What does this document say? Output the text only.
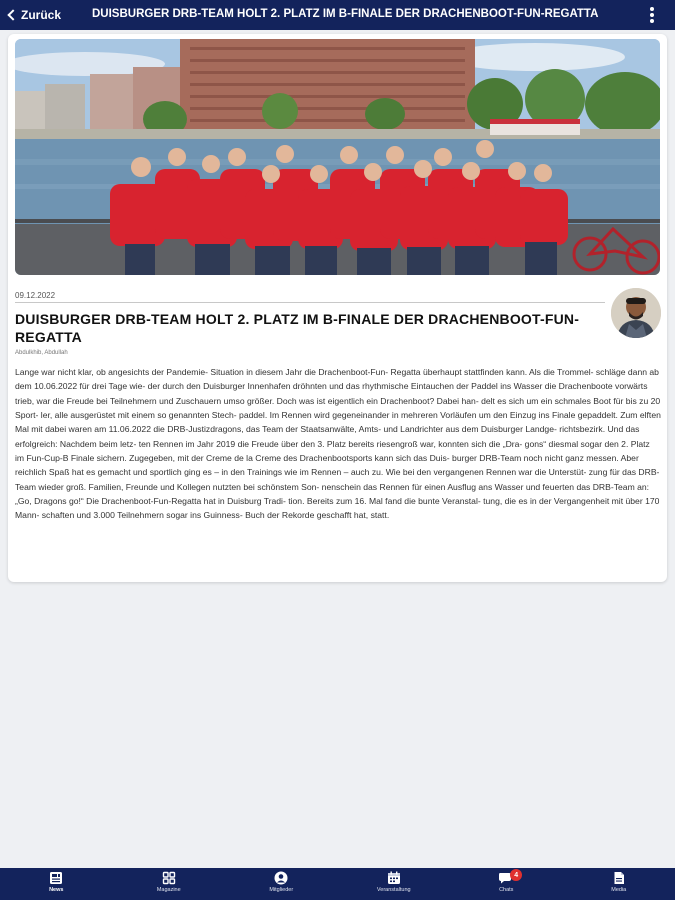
Zurück	DUISBURGER DRB-TEAM HOLT 2. PLATZ IM B-FINALE DER DRACHENBOOT-FUN-REGATTA
09.12.2022
DUISBURGER DRB-TEAM HOLT 2. PLATZ IM B-FINALE DER DRACHENBOOT-FUN-REGATTA
Abdulkhib, Abdullah
Lange war nicht klar, ob angesichts der Pandemie- Situation in diesem Jahr die Drachenboot-Fun- Regatta überhaupt stattfinden kann. Als die Trommel- schläge dann ab dem 10.06.2022 für drei Tage wie- der durch den Duisburger Innenhafen dröhnten und das rhythmische Eintauchen der Paddel ins Wasser die Drachenboote vorwärts trieb, war die Freude bei Teilnehmern und Zuschauern umso größer. Doch was ist eigentlich ein Drachenboot? Dabei han- delt es sich um ein schmales Boot für bis zu 20 Sport- ler, alle ausgerüstet mit einem so genannten Stech- paddel. Im Rennen wird gegeneinander in mehreren Vorläufen um den Einzug ins Finale gepaddelt. Zum elften Mal mit dabei waren am 11.06.2022 die DRB-Justizdragons, das Team der Staatsanwälte, Amts- und Landrichter aus dem Duisburger Landge- richtsbezirk. Und das erfolgreich: Nachdem beim letz- ten Rennen im Jahr 2019 die Freude über den 3. Platz bereits riesengroß war, konnten sich die „Dra- gons“ diesmal sogar den 2. Platz im Fun-Cup-B Finale sichern. Zugegeben, mit der Creme de la Creme des Drachenbootsports kann sich das Duis- burger DRB-Team noch nicht ganz messen. Aber reichlich Spaß hat es gemacht und sportlich ging es – in den Trainings wie im Rennen – auch zu. Wie bei den vergangenen Rennen war die Unterstüt- zung für das DRB-Team wieder groß. Familien, Freunde und Kollegen nutzten bei schönstem Son- nenschein das Rennen für einen Ausflug ans Wasser und feuerten das DRB-Team an: „Go, Dragons go!“ Die Drachenboot-Fun-Regatta hat in Duisburg Tradi- tion. Bereits zum 16. Mal fand die bunte Veranstal- tung, die es in der Vergangenheit mit über 170 Mann- schaften und 3.000 Teilnehmern sogar ins Guinness- Buch der Rekorde geschafft hat, statt.
News	Magazine	Mitglieder	Veranstaltung
4
Chats	Media
